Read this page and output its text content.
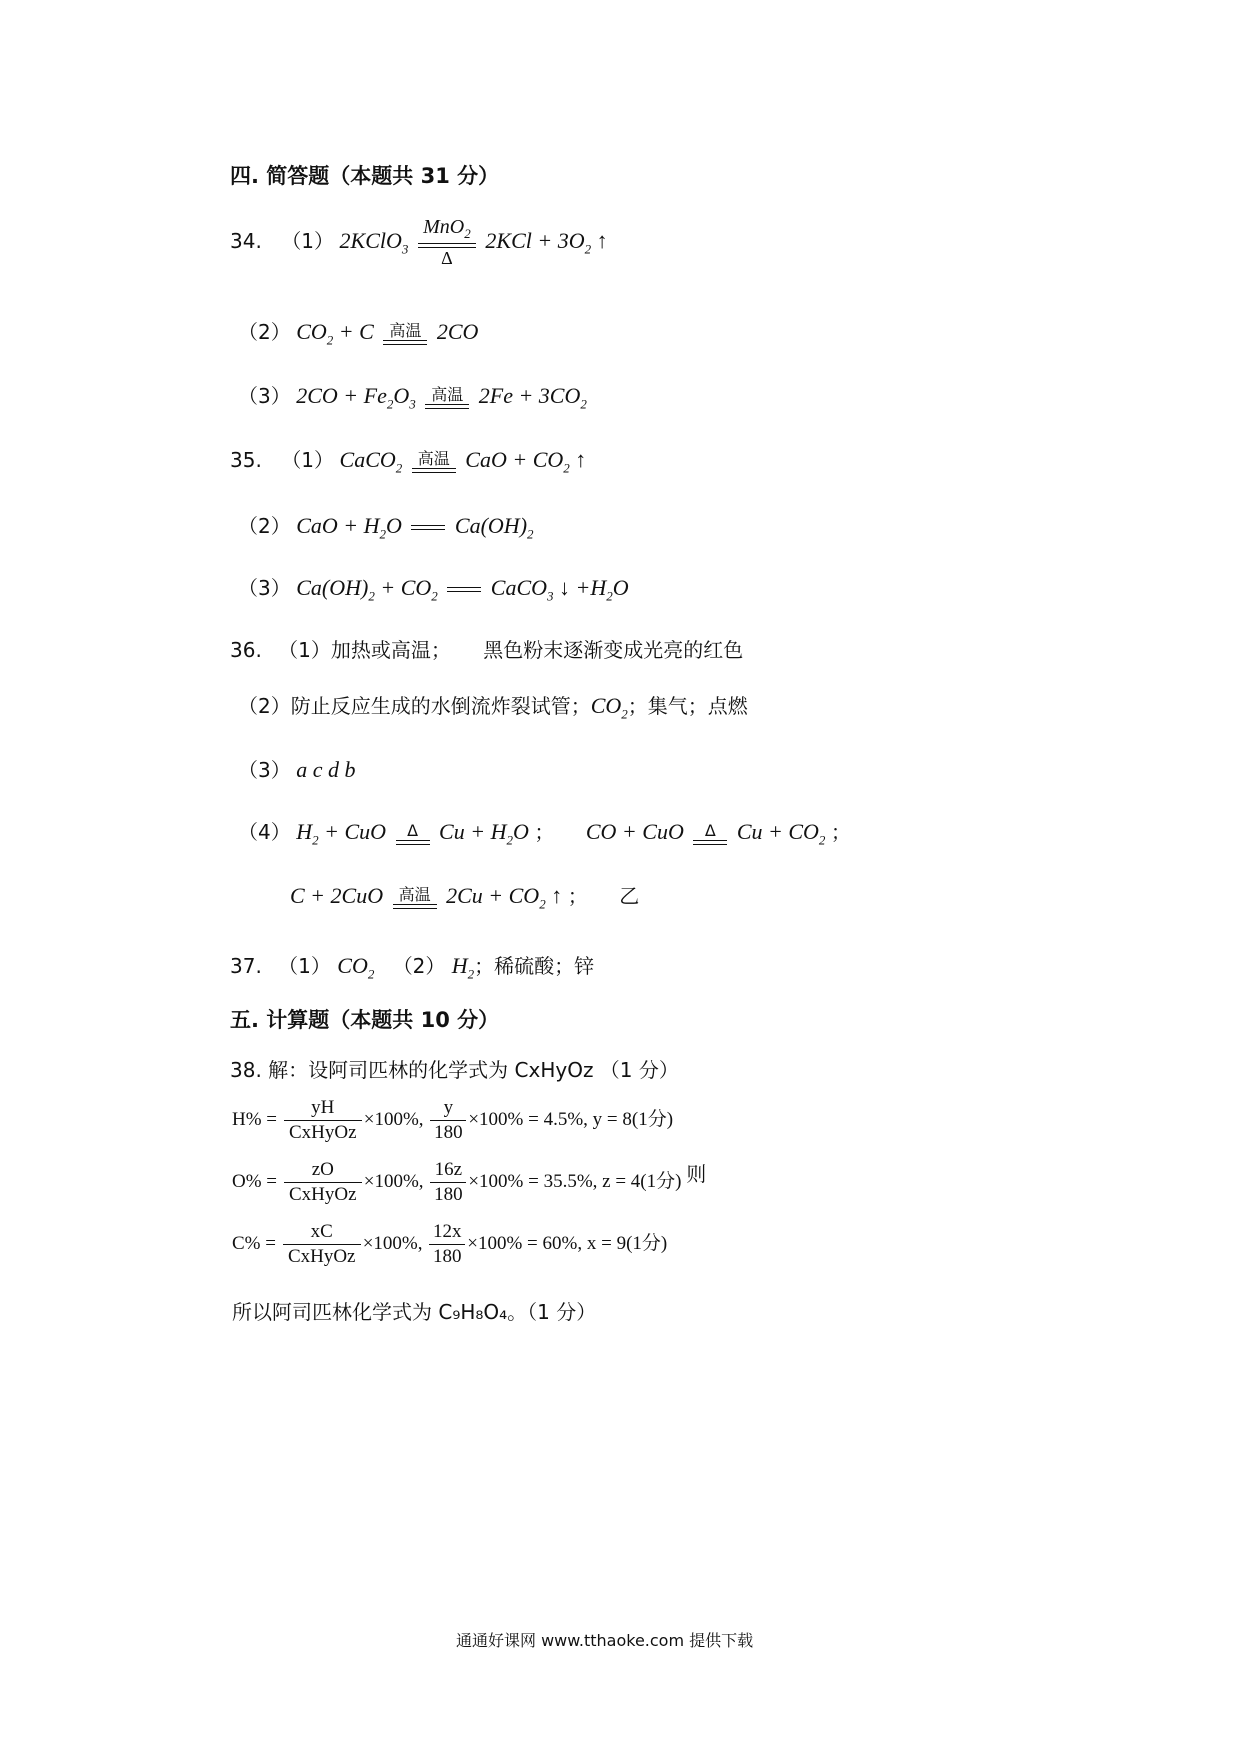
四. 简答题（本题共 31 分）
34. （1） 2KClO$_3$
MnO$_2$
Δ
$2KCl + 3O_2$ ↑
（2） $CO_2 + C$ 高温 2CO
（3） $2CO + Fe_2O_3$ 高温 $2Fe + 3CO_2$
35. （1） CaCO$_2$ 高温 CaO + $CO_2$ ↑
（2） CaO + $H_2O$ $Ca(OH)_2$
（3） $Ca(OH)_2 + CO_2$ CaCO$_3$ ↓ $+H_2O$
36. （1）加热或高温； 黑色粉末逐渐变成光亮的红色
（2）防止反应生成的水倒流炸裂试管；$CO_2$；集气；点燃
（3） a c d b
（4） $H_2$ + CuO	Δ $Cu + H_2O$ ； CO + CuO	Δ $Cu + CO_2$ ；
C + 2CuO 高温 $2Cu + CO_2$ ↑ ； 乙
37. （1） $CO_2$ （2） $H_2$；稀硫酸；锌
五. 计算题（本题共 10 分）
38. 解：设阿司匹林的化学式为 CxHyOz （1 分）
$H\% = \frac{yH}{\text{CxHyOz}} \times 100\%$, $\frac{y}{180} \times 100\% = 4.5\%$, y = 8(1分)
$O\% = \frac{zO}{\text{CxHyOz}} \times 100\%$, $\frac{16z}{180} \times 100\% = 35.5\%$, z = 4(1分) 则
$C\% = \frac{xC}{\text{CxHyOz}} \times 100\%$, $\frac{12x}{180} \times 100\% = 60\%$, x = 9(1分)
所以阿司匹林化学式为 C₉H₈O₄。（1 分）
通通好课网 www.tthaoke.com 提供下载
